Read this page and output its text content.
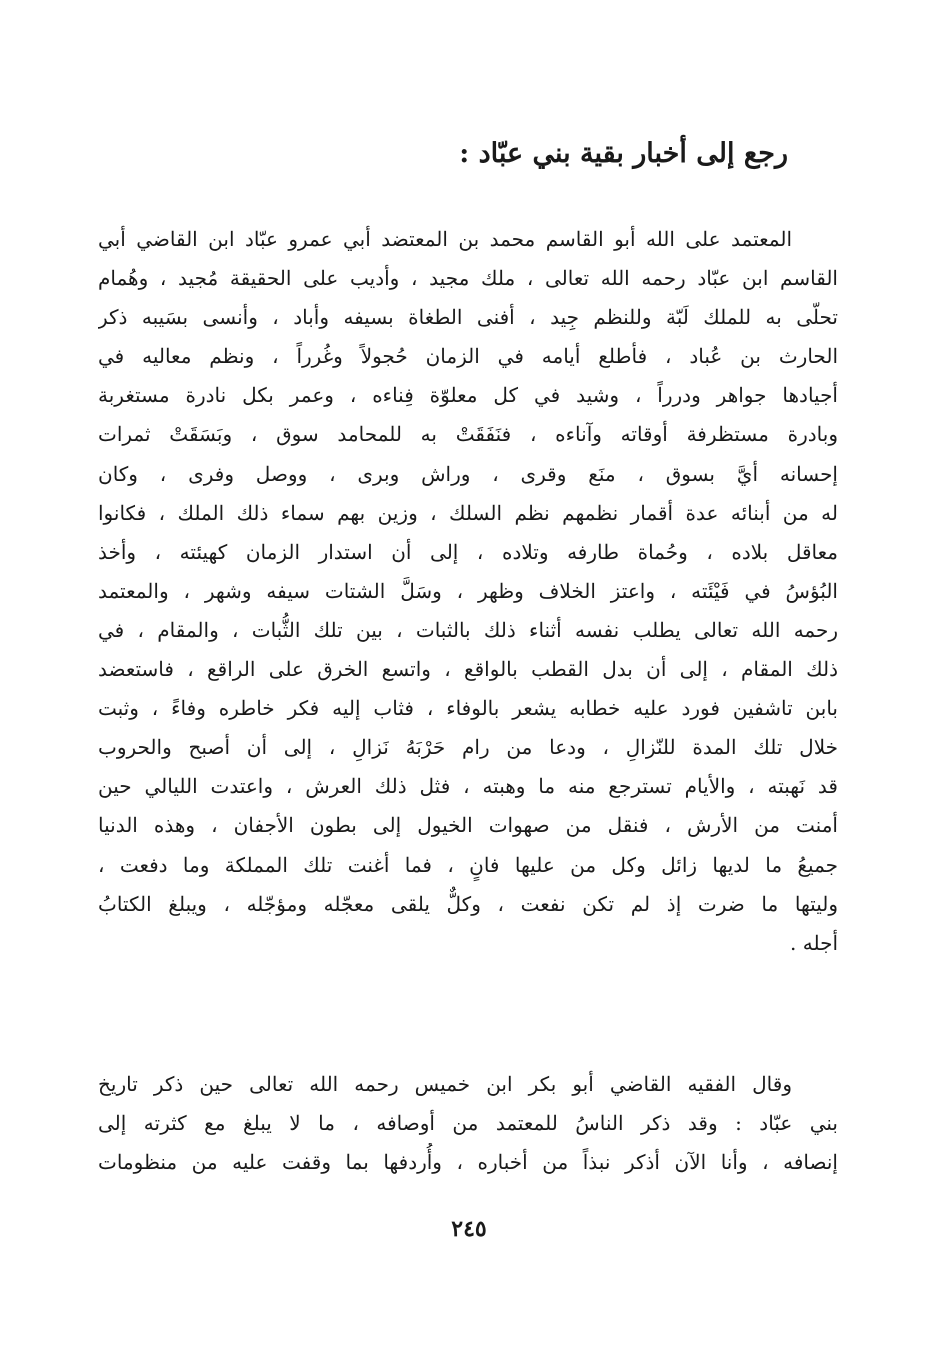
رجع إلى أخبار بقية بني عبّاد :
المعتمد على الله أبو القاسم محمد بن المعتضد أبي عمرو عبّاد ابن القاضي أبي
القاسم ابن عبّاد رحمه الله تعالى ، ملك مجيد ، وأديب على الحقيقة مُجيد ، وهُمام
تحلّى به للملك لَبّة وللنظم جِيد ، أفنى الطغاة بسيفه وأباد ، وأنسى بسَيبه ذكر
الحارث بن عُباد ، فأطلع أيامه في الزمان حُجولاً وغُرراً ، ونظم معاليه في
أجيادها جواهر ودرراً ، وشيد في كل معلوّة فِناءه ، وعمر بكل نادرة مستغربة
وبادرة مستظرفة أوقاته وآناءه ، فنَفَقَتْ به للمحامد سوق ، وبَسَقَتْ ثمرات
إحسانه أيَّ بسوق ، منَع وقرى ، وراش وبرى ، ووصل وفرى ، وكان
له من أبنائه عدة أقمار نظمهم نظم السلك ، وزين بهم سماء ذلك الملك ، فكانوا
معاقل بلاده ، وحُماة طارفه وتلاده ، إلى أن استدار الزمان كهيئته ، وأخذ
البُؤسُ في فَيْئَته ، واعتز الخلاف وظهر ، وسَلَّ الشتات سيفه وشهر ، والمعتمد
رحمه الله تعالى يطلب نفسه أثناء ذلك بالثبات ، بين تلك الثُّبات ، والمقام ، في
ذلك المقام ، إلى أن بدل القطب بالواقع ، واتسع الخرق على الراقع ، فاستعضد
بابن تاشفين فورد عليه خطابه يشعر بالوفاء ، فثاب إليه فكر خاطره وفاءً ، وثبت
خلال تلك المدة للنّزالِ ، ودعا من رام حَرْبَهُ نَزالِ ، إلى أن أصبح والحروب
قد نَهبته ، والأيام تسترجع منه ما وهبته ، فثل ذلك العرش ، واعتدت الليالي حين
أمنت من الأرش ، فنقل من صهوات الخيول إلى بطون الأجفان ، وهذه الدنيا
جميعُ ما لديها زائل وكل من عليها فانٍ ، فما أغنت تلك المملكة وما دفعت ،
وليتها ما ضرت إذ لم تكن نفعت ، وكلٌّ يلقى معجّله ومؤجّله ، ويبلغ الكتابُ
أجله .
وقال الفقيه القاضي أبو بكر ابن خميس رحمه الله تعالى حين ذكر تاريخ
بني عبّاد : وقد ذكر الناسُ للمعتمد من أوصافه ، ما لا يبلغ مع كثرته إلى
إنصافه ، وأنا الآن أذكر نبذاً من أخباره ، وأُردفها بما وقفت عليه من منظومات
٢٤٥
